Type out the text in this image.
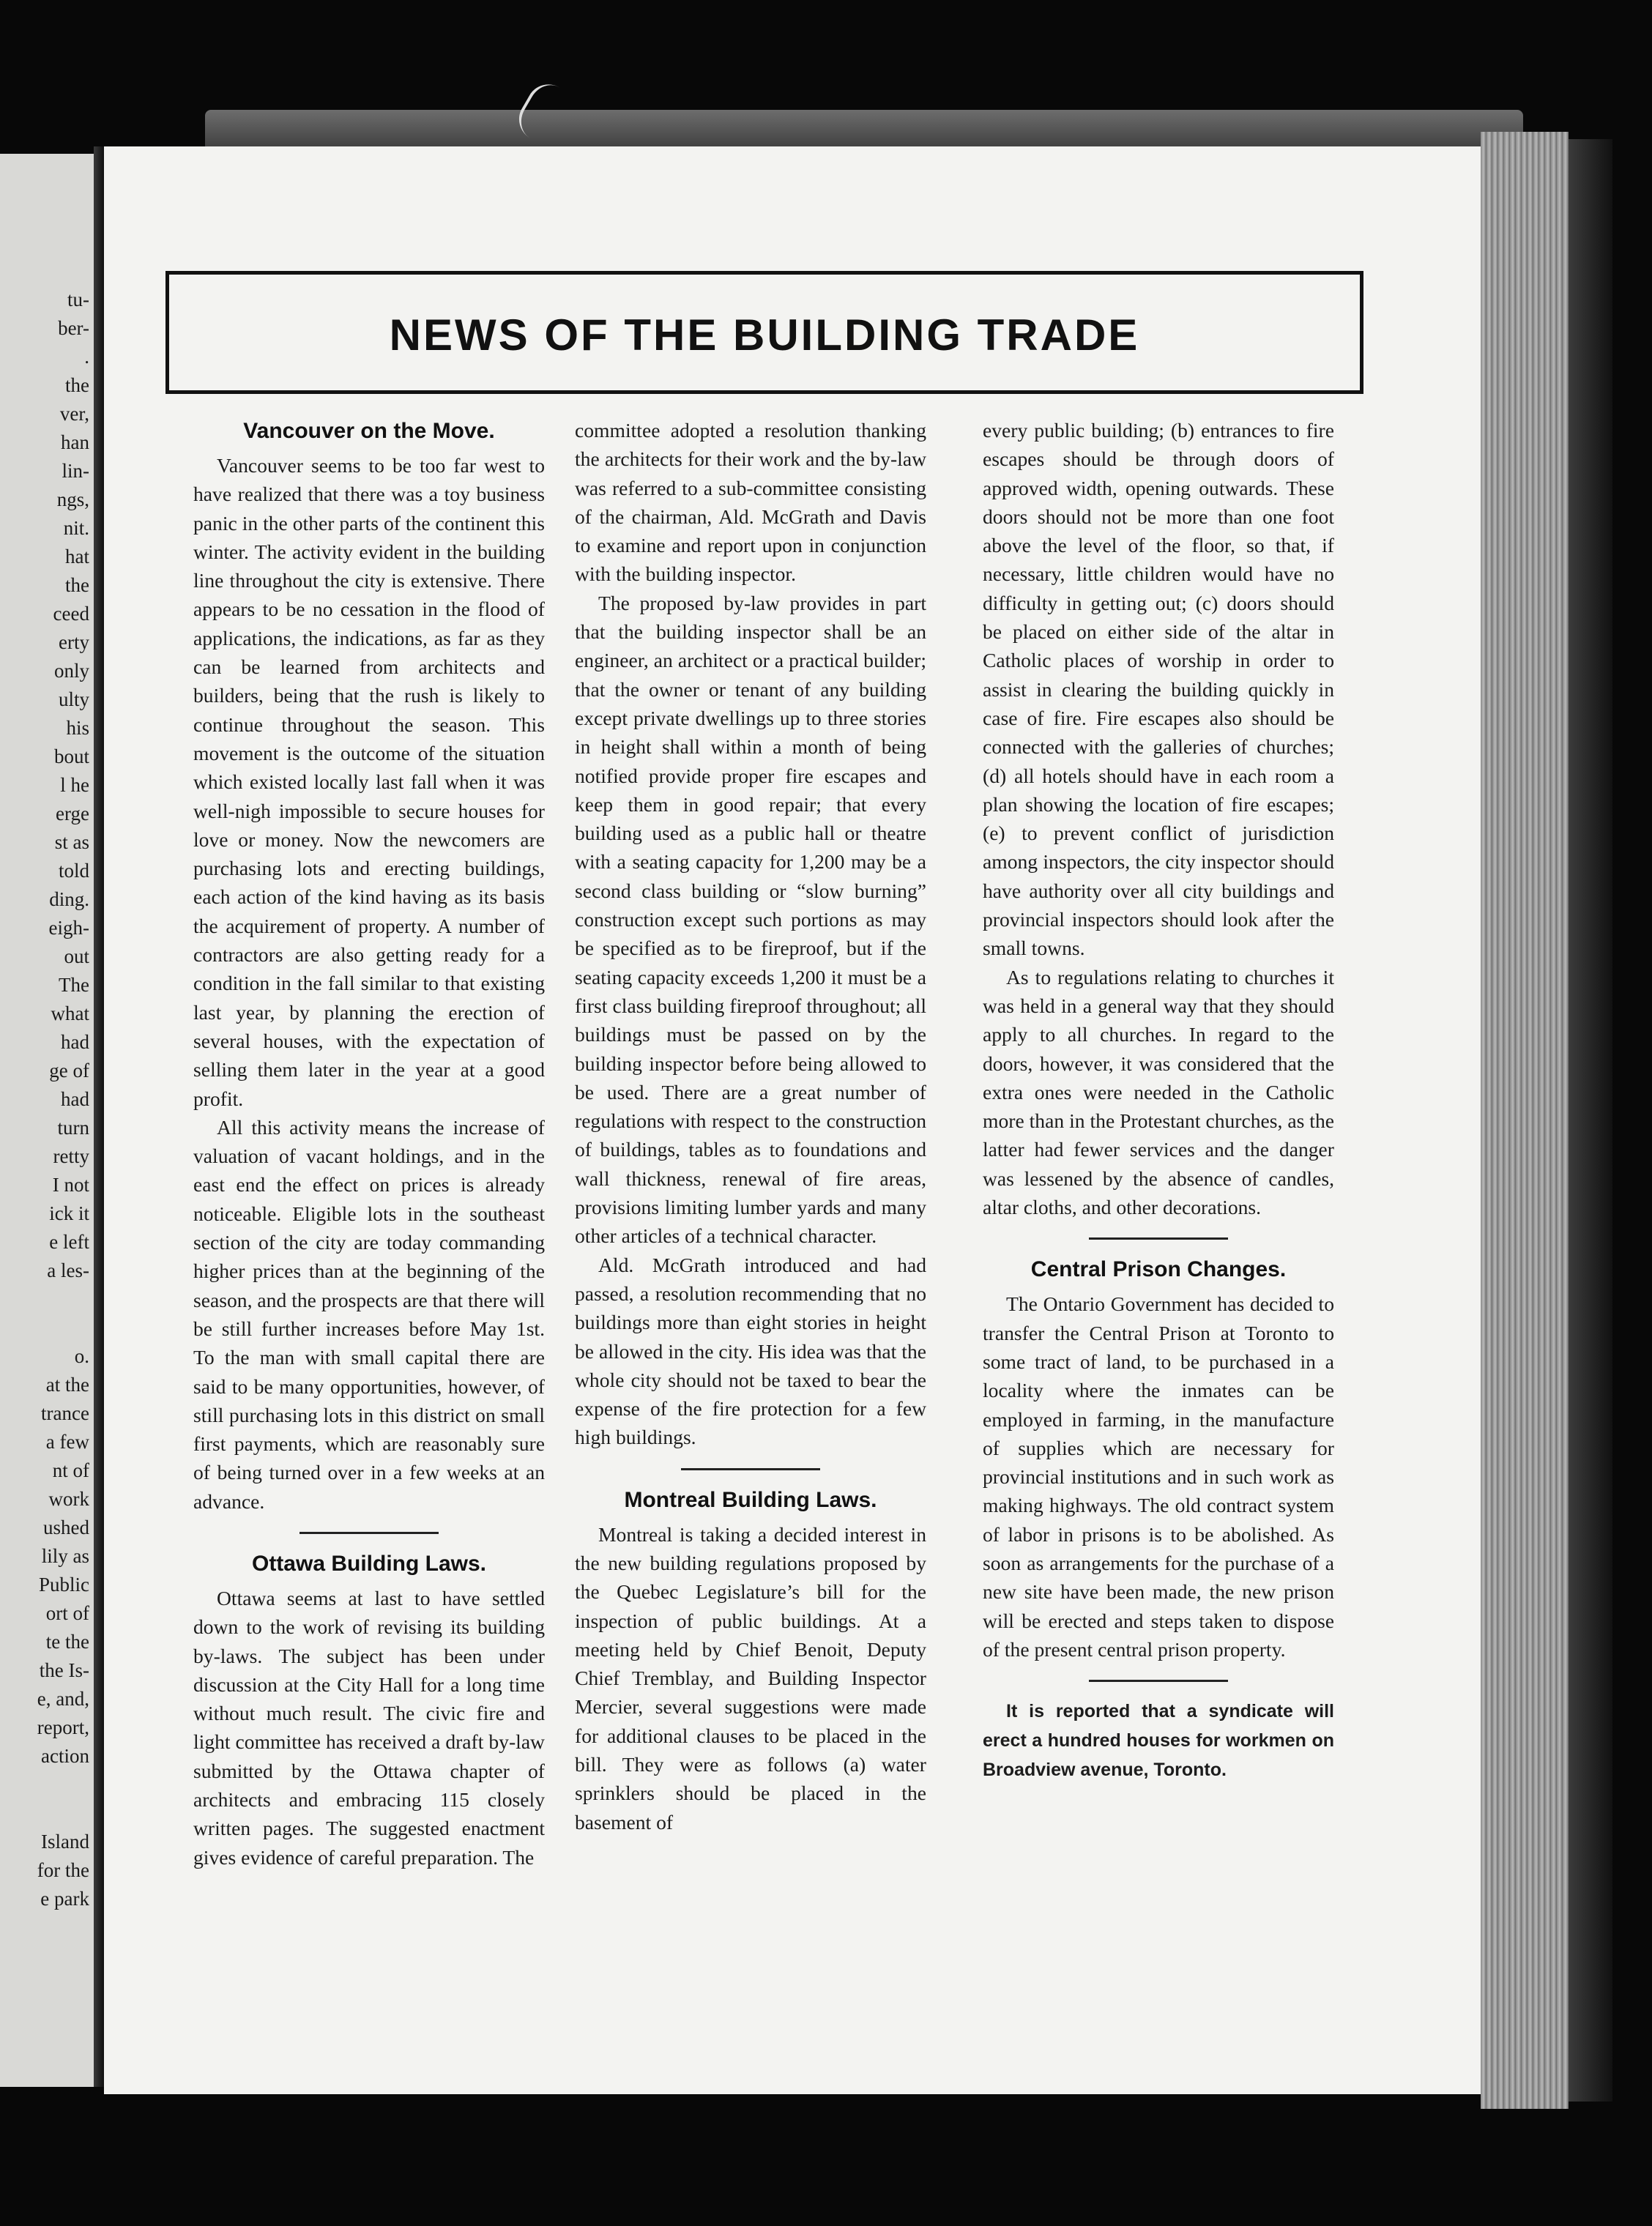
tu-
ber-
.
the
ver,
han
lin-
ngs,
nit.
hat
the
ceed
erty
only
ulty
his
bout
l he
erge
st as
told
ding.
eigh-
out
The
what
had
ge of
had
turn
retty
I not
ick it
e left
a les-

o.
at the
trance
a few
nt of
work
ushed
lily as
Public
ort of
te the
the Is-
e, and,
report,
action

Island
for the
e park
NEWS OF THE BUILDING TRADE
Vancouver on the Move.

Vancouver seems to be too far west to have realized that there was a toy business panic in the other parts of the continent this winter. The activity evident in the building line throughout the city is extensive. There appears to be no cessation in the flood of applications, the indications, as far as they can be learned from architects and builders, being that the rush is likely to continue throughout the season. This movement is the outcome of the situation which existed locally last fall when it was well-nigh impossible to secure houses for love or money. Now the newcomers are purchasing lots and erecting buildings, each action of the kind having as its basis the acquirement of property. A number of contractors are also getting ready for a condition in the fall similar to that existing last year, by planning the erection of several houses, with the expectation of selling them later in the year at a good profit.

All this activity means the increase of valuation of vacant holdings, and in the east end the effect on prices is already noticeable. Eligible lots in the southeast section of the city are today commanding higher prices than at the beginning of the season, and the prospects are that there will be still further increases before May 1st. To the man with small capital there are said to be many opportunities, however, of still purchasing lots in this district on small first payments, which are reasonably sure of being turned over in a few weeks at an advance.

Ottawa Building Laws.

Ottawa seems at last to have settled down to the work of revising its building by-laws. The subject has been under discussion at the City Hall for a long time without much result. The civic fire and light committee has received a draft by-law submitted by the Ottawa chapter of architects and embracing 115 closely written pages. The suggested enactment gives evidence of careful preparation. The

committee adopted a resolution thanking the architects for their work and the by-law was referred to a sub-committee consisting of the chairman, Ald. McGrath and Davis to examine and report upon in conjunction with the building inspector.

The proposed by-law provides in part that the building inspector shall be an engineer, an architect or a practical builder; that the owner or tenant of any building except private dwellings up to three stories in height shall within a month of being notified provide proper fire escapes and keep them in good repair; that every building used as a public hall or theatre with a seating capacity for 1,200 may be a second class building or “slow burning” construction except such portions as may be specified as to be fireproof, but if the seating capacity exceeds 1,200 it must be a first class building fireproof throughout; all buildings must be passed on by the building inspector before being allowed to be used. There are a great number of regulations with respect to the construction of buildings, tables as to foundations and wall thickness, renewal of fire areas, provisions limiting lumber yards and many other articles of a technical character.

Ald. McGrath introduced and had passed, a resolution recommending that no buildings more than eight stories in height be allowed in the city. His idea was that the whole city should not be taxed to bear the expense of the fire protection for a few high buildings.

Montreal Building Laws.

Montreal is taking a decided interest in the new building regulations proposed by the Quebec Legislature’s bill for the inspection of public buildings. At a meeting held by Chief Benoit, Deputy Chief Tremblay, and Building Inspector Mercier, several suggestions were made for additional clauses to be placed in the bill. They were as follows (a) water sprinklers should be placed in the basement of

every public building; (b) entrances to fire escapes should be through doors of approved width, opening outwards. These doors should not be more than one foot above the level of the floor, so that, if necessary, little children would have no difficulty in getting out; (c) doors should be placed on either side of the altar in Catholic places of worship in order to assist in clearing the building quickly in case of fire. Fire escapes also should be connected with the galleries of churches; (d) all hotels should have in each room a plan showing the location of fire escapes; (e) to prevent conflict of jurisdiction among inspectors, the city inspector should have authority over all city buildings and provincial inspectors should look after the small towns.

As to regulations relating to churches it was held in a general way that they should apply to all churches. In regard to the doors, however, it was considered that the extra ones were needed in the Catholic more than in the Protestant churches, as the latter had fewer services and the danger was lessened by the absence of candles, altar cloths, and other decorations.

Central Prison Changes.

The Ontario Government has decided to transfer the Central Prison at Toronto to some tract of land, to be purchased in a locality where the inmates can be employed in farming, in the manufacture of supplies which are necessary for provincial institutions and in such work as making highways. The old contract system of labor in prisons is to be abolished. As soon as arrangements for the purchase of a new site have been made, the new prison will be erected and steps taken to dispose of the present central prison property.

It is reported that a syndicate will erect a hundred houses for workmen on Broadview avenue, Toronto.
